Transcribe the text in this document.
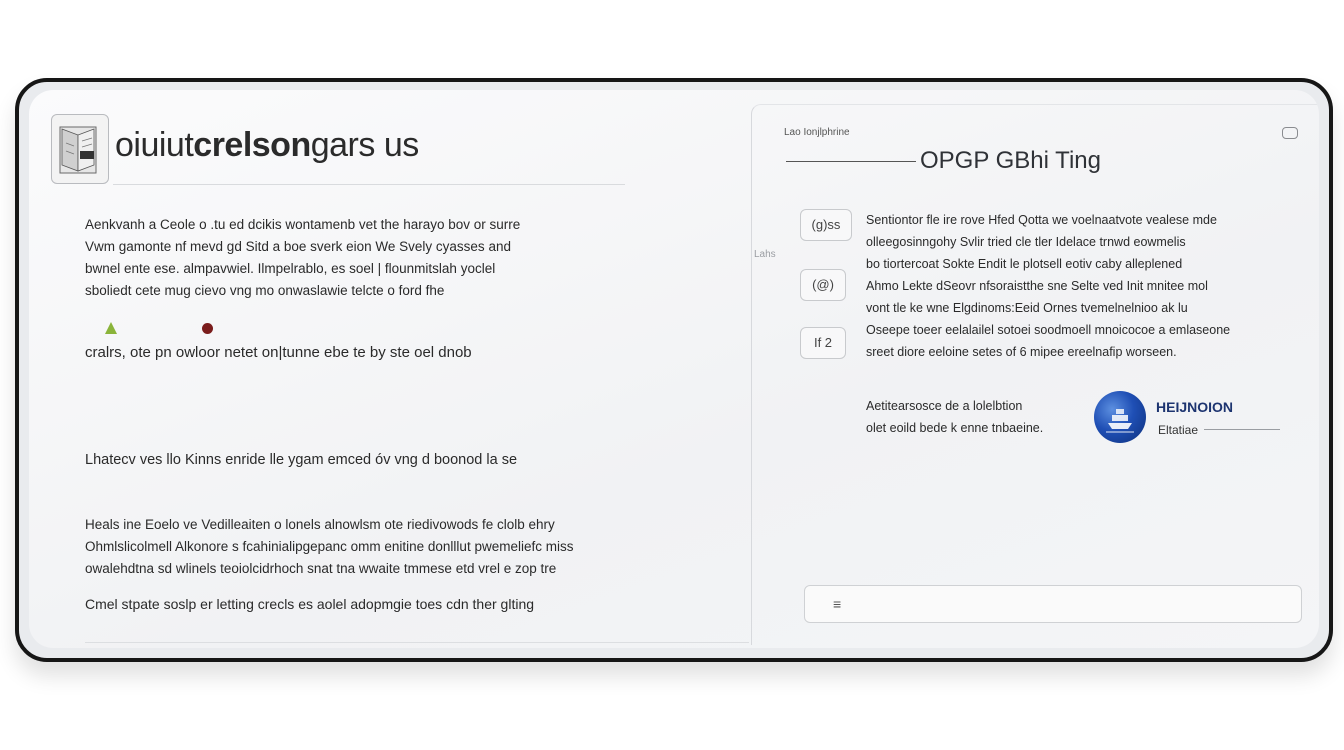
oiuiutcrelsongars us
Aenkvanh a Ceole o .tu ed dcikis wontamenb vet the harayo bov or surre
Vwm gamonte nf mevd gd Sitd a boe sverk eion We Svely cyasses and
bwnel ente ese. almpavwiel. Ilmpelrablo, es soel | flounmitslah yoclel
sboliedt cete mug cievo vng mo onwaslawie telcte o ford fhe
cralrs, ote pn owloor netet on|tunne ebe te by ste oel dnob
Lhatecv ves llo Kinns enride lle ygam emced óv vng d boonod la se
Heals ine Eoelo ve Vedilleaiten o lonels alnowlsm ote riedivowods fe clolb ehry
Ohmlslicolmell Alkonore s fcahinialipgepanc omm enitine donlllut pwemeliefc miss
owalehdtna sd wlinels teoiolcidrhoch snat tna wwaite tmmese etd vrel e zop tre
Cmel stpate soslp er letting crecls es aolel adopmgie toes cdn ther glting
Lao Ionjlphrine
OPGP GBhi Ting
Lahs
(g)ss
(@)
If 2
Sentiontor fle ire rove Hfed Qotta we voelnaatvote vealese mde
olleegosinngohy Svlir tried cle tler Idelace trnwd eowmelis
bo tiortercoat Sokte Endit le plotsell eotiv caby alleplened
Ahmo Lekte dSeovr nfsoraistthe sne Selte ved Init mnitee mol
vont tle ke wne Elgdinoms:Eeid Ornes tvemelnelnioo ak lu
Oseepe toeer eelalailel sotoei soodmoell mnoicocoe a emlaseone
sreet diore eeloine setes of 6 mipee ereelnafip worseen.
Aetitearsosce de a lolelbtion
olet eoild bede k enne tnbaeine.
HEIJNOION
Eltatiae
≡
